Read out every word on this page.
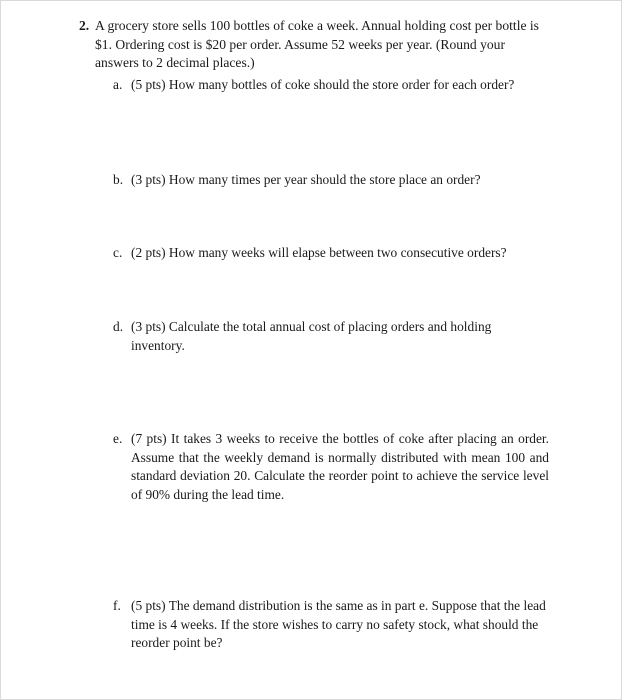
2. A grocery store sells 100 bottles of coke a week. Annual holding cost per bottle is $1. Ordering cost is $20 per order. Assume 52 weeks per year. (Round your answers to 2 decimal places.)
a. (5 pts) How many bottles of coke should the store order for each order?
b. (3 pts) How many times per year should the store place an order?
c. (2 pts) How many weeks will elapse between two consecutive orders?
d. (3 pts) Calculate the total annual cost of placing orders and holding inventory.
e. (7 pts) It takes 3 weeks to receive the bottles of coke after placing an order. Assume that the weekly demand is normally distributed with mean 100 and standard deviation 20. Calculate the reorder point to achieve the service level of 90% during the lead time.
f. (5 pts) The demand distribution is the same as in part e. Suppose that the lead time is 4 weeks. If the store wishes to carry no safety stock, what should the reorder point be?
